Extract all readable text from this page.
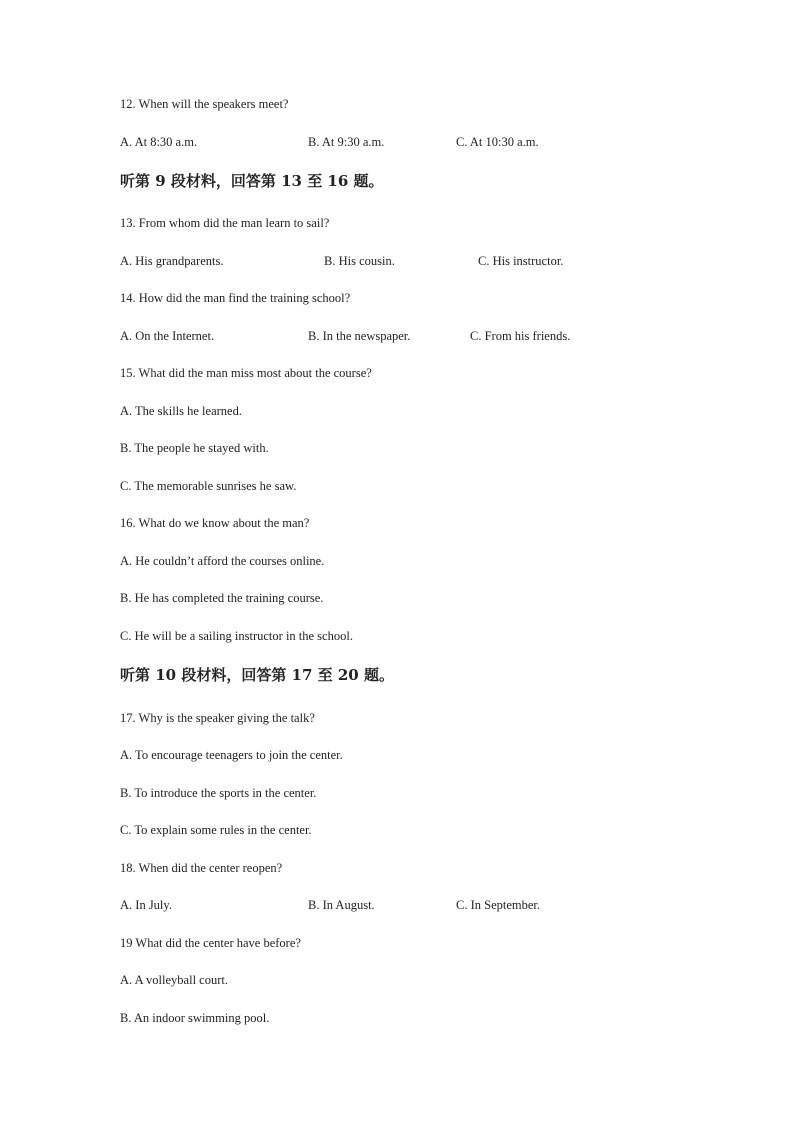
12. When will the speakers meet?
A. At 8:30 a.m.	B. At 9:30 a.m.	C. At 10:30 a.m.
听第 9 段材料，回答第 13 至 16 题。
13. From whom did the man learn to sail?
A. His grandparents.	B. His cousin.	C. His instructor.
14. How did the man find the training school?
A. On the Internet.	B. In the newspaper.	C. From his friends.
15. What did the man miss most about the course?
A. The skills he learned.
B. The people he stayed with.
C. The memorable sunrises he saw.
16. What do we know about the man?
A. He couldn’t afford the courses online.
B. He has completed the training course.
C. He will be a sailing instructor in the school.
听第 10 段材料，回答第 17 至 20 题。
17. Why is the speaker giving the talk?
A. To encourage teenagers to join the center.
B. To introduce the sports in the center.
C. To explain some rules in the center.
18. When did the center reopen?
A. In July.	B. In August.	C. In September.
19 What did the center have before?
A. A volleyball court.
B. An indoor swimming pool.
